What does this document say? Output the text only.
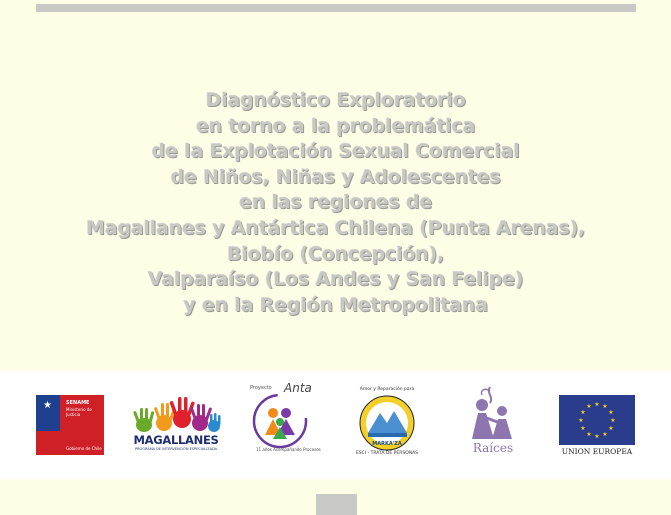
Diagnóstico Exploratorio
en torno a la problemática
de la Explotación Sexual Comercial
de Niños, Niñas y Adolescentes
en las regiones de
Magallanes y Antártica Chilena (Punta Arenas),
Biobío (Concepción),
Valparaíso (Los Andes y San Felipe)
y en la Región Metropolitana
★	SENAME
Ministerio de Justicia
Gobierno de Chile
MAGALLANES
PROGRAMA DE INTERVENCIÓN ESPECIALIZADA
Proyecto Anta
11 años Acompañando Procesos
Amor y Reparación para
MARKA'ZA
ESCI - TRATA DE PERSONAS	Raíces
★ ★
★
★
★
★
★
★
★
★
★
★
UNION EUROPEA
